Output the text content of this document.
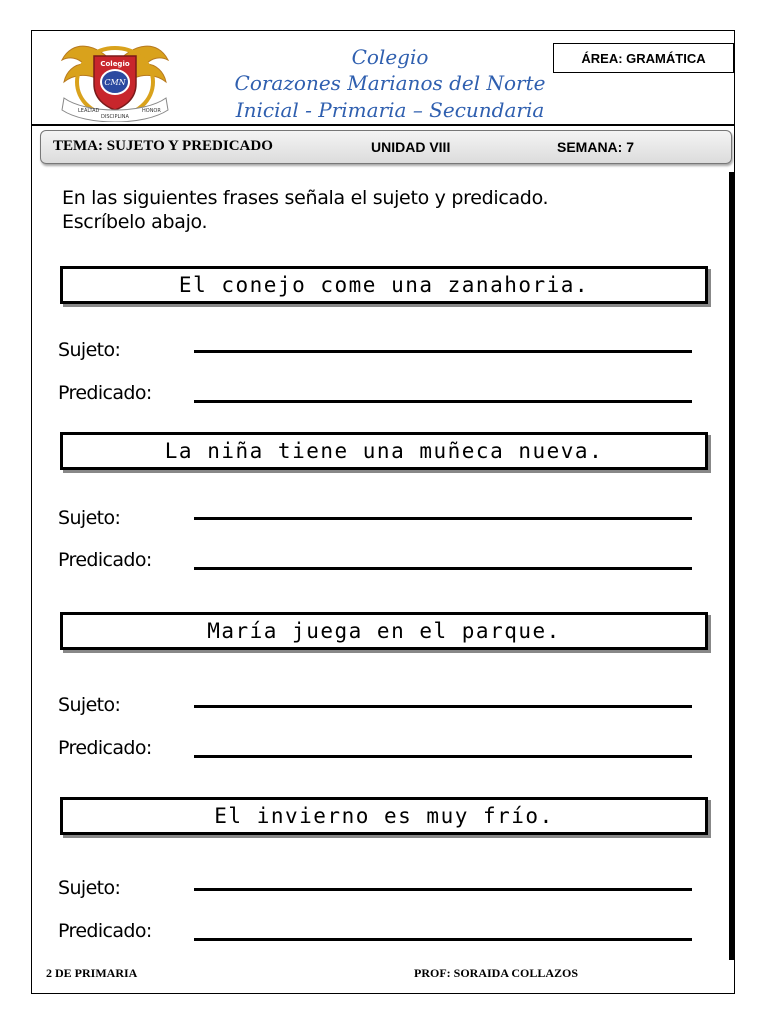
Colegio
CMN
LEALTAD
DISCIPLINA
HONOR
Colegio
Corazones Marianos del Norte
Inicial - Primaria – Secundaria
ÁREA: GRAMÁTICA
TEMA: SUJETO Y PREDICADO	UNIDAD VIII	SEMANA: 7
En las siguientes frases señala el sujeto y predicado.
Escríbelo abajo.
El conejo come una zanahoria.
Sujeto:
Predicado:
La niña tiene una muñeca nueva.
Sujeto:
Predicado:
María juega en el parque.
Sujeto:
Predicado:
El invierno es muy frío.
Sujeto:
Predicado:
2 DE PRIMARIA	PROF: SORAIDA COLLAZOS
